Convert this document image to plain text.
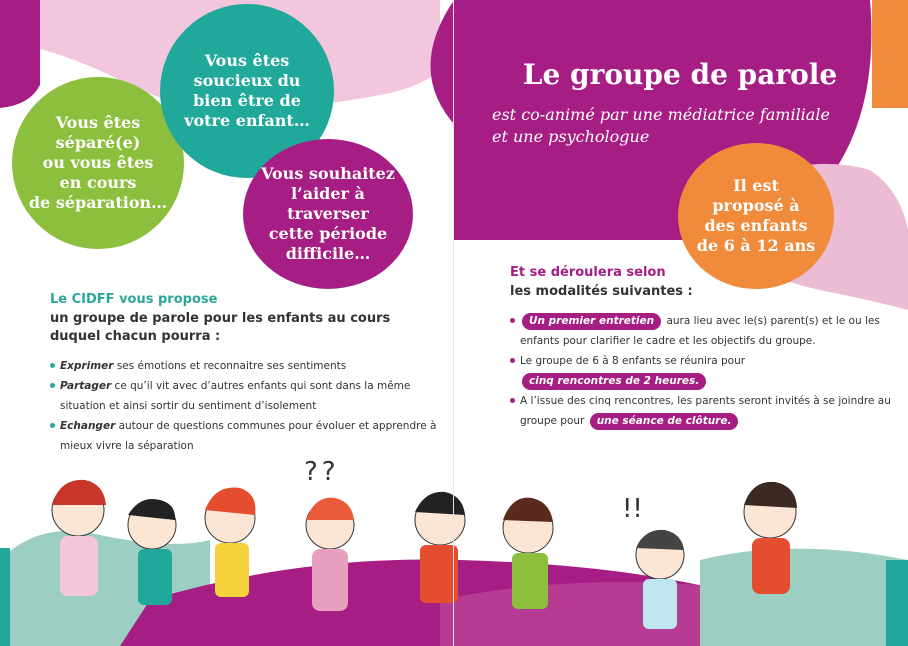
Vous êtes
séparé(e)
ou vous êtes
en cours
de séparation…
Vous êtes
soucieux du
bien être de
votre enfant…
Vous souhaitez
l’aider à
traverser
cette période
difficile…
Il est
proposé à
des enfants
de 6 à 12 ans
Le groupe de parole
est co-animé par une médiatrice familiale
et une psychologue
Le CIDFF vous propose
un groupe de parole pour les enfants au cours duquel chacun pourra :
Exprimer ses émotions et reconnaitre ses sentiments
Partager ce qu’il vit avec d’autres enfants qui sont dans la même situation et ainsi sortir du sentiment d’isolement
Echanger autour de questions communes pour évoluer et apprendre à mieux vivre la séparation
Et se déroulera selon
les modalités suivantes :
Un premier entretien aura lieu avec le(s) parent(s) et le ou les enfants pour clarifier le cadre et les objectifs du groupe.
Le groupe de 6 à 8 enfants se réunira pour cinq rencontres de 2 heures.
A l’issue des cinq rencontres, les parents seront invités à se joindre au groupe pour une séance de clôture.
??
!!
